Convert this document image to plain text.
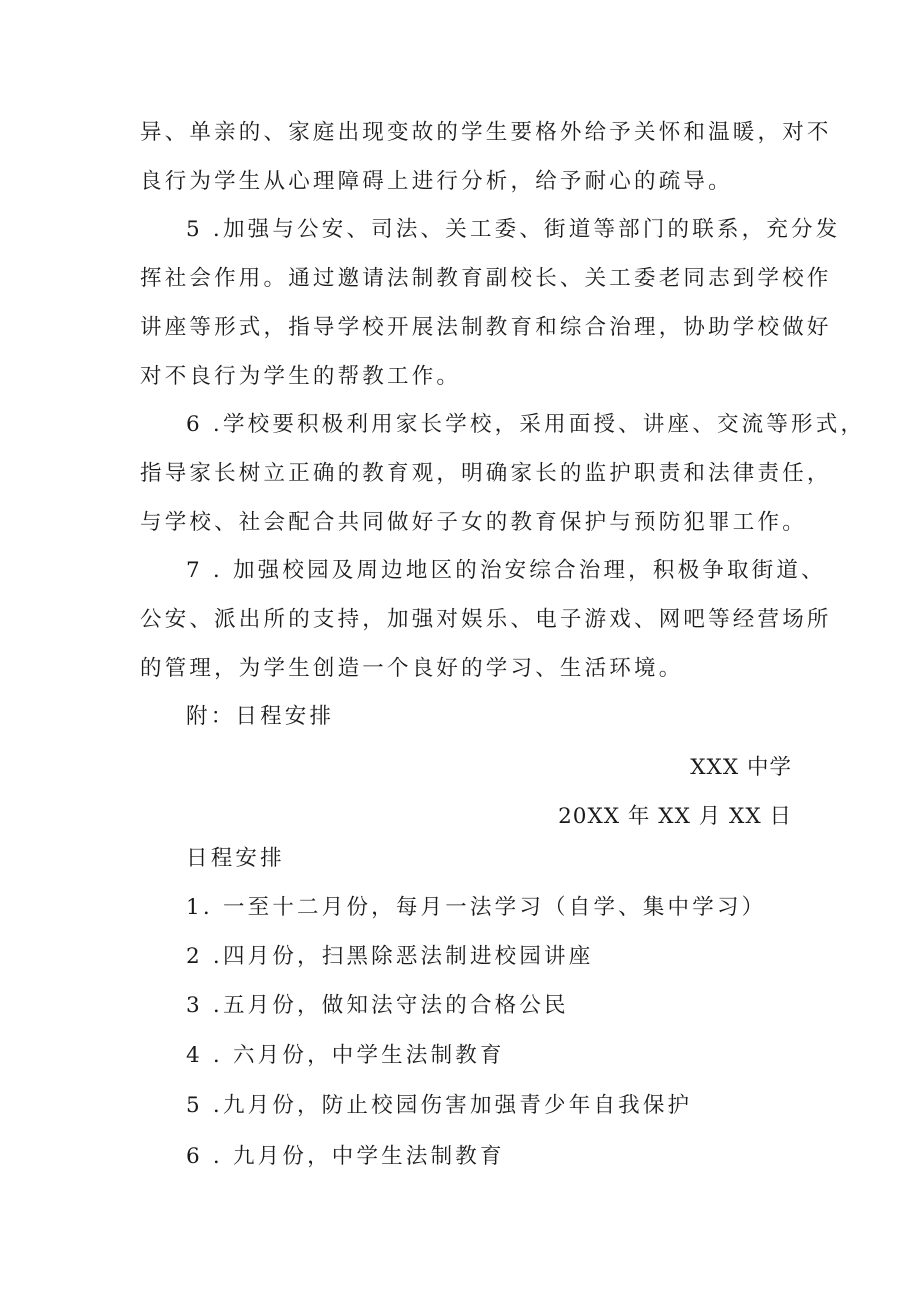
异、单亲的、家庭出现变故的学生要格外给予关怀和温暖，对不
良行为学生从心理障碍上进行分析，给予耐心的疏导。
5 .加强与公安、司法、关工委、街道等部门的联系，充分发
挥社会作用。通过邀请法制教育副校长、关工委老同志到学校作
讲座等形式，指导学校开展法制教育和综合治理，协助学校做好
对不良行为学生的帮教工作。
6 .学校要积极利用家长学校，采用面授、讲座、交流等形式，
指导家长树立正确的教育观，明确家长的监护职责和法律责任，
与学校、社会配合共同做好子女的教育保护与预防犯罪工作。
7 . 加强校园及周边地区的治安综合治理，积极争取街道、
公安、派出所的支持，加强对娱乐、电子游戏、网吧等经营场所
的管理，为学生创造一个良好的学习、生活环境。
附：日程安排
XXX 中学
20XX 年 XX 月 XX 日
日程安排
1. 一至十二月份，每月一法学习（自学、集中学习）
2 .四月份，扫黑除恶法制进校园讲座
3 .五月份，做知法守法的合格公民
4 . 六月份，中学生法制教育
5 .九月份，防止校园伤害加强青少年自我保护
6 . 九月份，中学生法制教育
